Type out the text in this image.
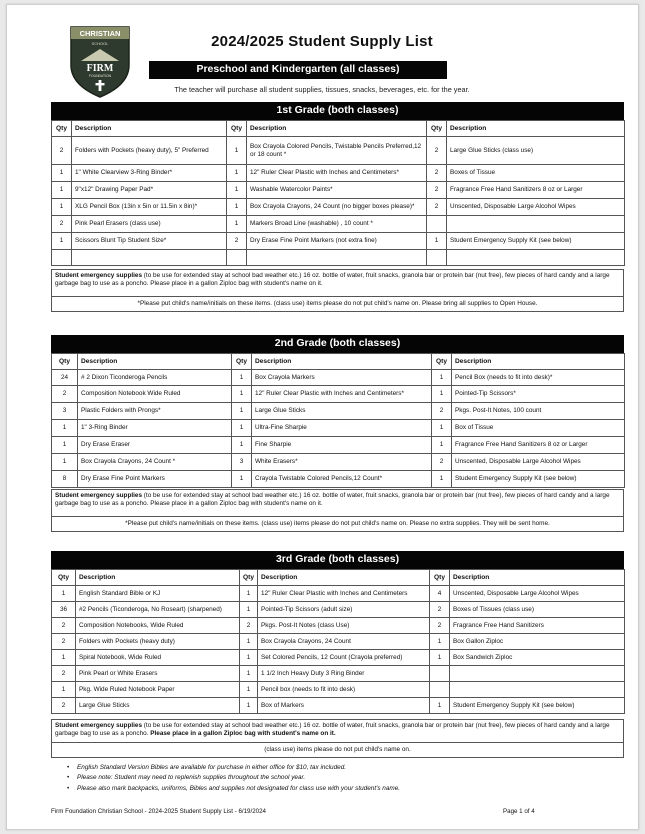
CHRISTIAN
SCHOOL
FIRM
FOUNDATION
2024/2025 Student Supply List
Preschool and Kindergarten (all classes)
The teacher will purchase all student supplies, tissues, snacks, beverages, etc. for the year.
1st Grade (both classes)
Qty	Description	Qty	Description	Qty	Description
2	Folders with Pockets (heavy duty), 5" Preferred	1	Box Crayola Colored Pencils, Twistable Pencils Preferred,12 or 18 count *	2	Large Glue Sticks (class use)
1	1" White Clearview 3-Ring Binder*	1	12" Ruler Clear Plastic with Inches and Centimeters*	2	Boxes of Tissue
1	9"x12" Drawing Paper Pad*	1	Washable Watercolor Paints*	2	Fragrance Free Hand Sanitizers 8 oz or Larger
1	XLG Pencil Box (13in x 5in or 11.5in x 8in)*	1	Box Crayola Crayons, 24 Count (no bigger boxes please)*	2	Unscented, Disposable Large Alcohol Wipes
2	Pink Pearl Erasers (class use)	1	Markers Broad Line (washable) , 10 count *		
1	Scissors Blunt Tip Student Size*	2	Dry Erase Fine Point Markers (not extra fine)	1	Student Emergency Supply Kit (see below)

Student emergency supplies (to be use for extended stay at school bad weather etc.) 16 oz. bottle of water, fruit snacks, granola bar or protein bar (nut free), few pieces of hard candy and a large garbage bag to use as a poncho. Please place in a gallon Ziploc bag with student's name on it.
*Please put child's name/initials on these items. (class use) items please do not put child's name on. Please bring all supplies to Open House.
2nd Grade (both classes)
Qty	Description	Qty	Description	Qty	Description
24	# 2 Dixon Ticonderoga Pencils	1	Box Crayola Markers	1	Pencil Box (needs to fit into desk)*
2	Composition Notebook Wide Ruled	1	12" Ruler Clear Plastic with Inches and Centimeters*	1	Pointed-Tip Scissors*
3	Plastic Folders with Prongs*	1	Large Glue Sticks	2	Pkgs. Post-It Notes, 100 count
1	1" 3-Ring Binder	1	Ultra-Fine Sharpie	1	Box of Tissue
1	Dry Erase Eraser	1	Fine Sharpie	1	Fragrance Free Hand Sanitizers 8 oz or Larger
1	Box Crayola Crayons, 24 Count *	3	White Erasers*	2	Unscented, Disposable Large Alcohol Wipes
8	Dry Erase Fine Point Markers	1	Crayola Twistable Colored Pencils,12 Count*	1	Student Emergency Supply Kit (see below)
Student emergency supplies (to be use for extended stay at school bad weather etc.) 16 oz. bottle of water, fruit snacks, granola bar or protein bar (nut free), few pieces of hard candy and a large garbage bag to use as a poncho. Please place in a gallon Ziploc bag with student's name on it.
*Please put child's name/initials on these items. (class use) items please do not put child's name on. Please no extra supplies. They will be sent home.
3rd Grade (both classes)
Qty	Description	Qty	Description	Qty	Description
1	English Standard Bible or KJ	1	12" Ruler Clear Plastic with Inches and Centimeters	4	Unscented, Disposable Large Alcohol Wipes
36	#2 Pencils (Ticonderoga, No Roseart) (sharpened)	1	Pointed-Tip Scissors (adult size)	2	Boxes of Tissues (class use)
2	Composition Notebooks, Wide Ruled	2	Pkgs. Post-It Notes (class Use)	2	Fragrance Free Hand Sanitizers
2	Folders with Pockets (heavy duty)	1	Box Crayola Crayons, 24 Count	1	Box Gallon Ziploc
1	Spiral Notebook, Wide Ruled	1	Set Colored Pencils, 12 Count (Crayola preferred)	1	Box Sandwich Ziploc
2	Pink Pearl or White Erasers	1	1 1/2 Inch Heavy Duty 3 Ring Binder		
1	Pkg. Wide Ruled Notebook Paper	1	Pencil box (needs to fit into desk)		
2	Large Glue Sticks	1	Box of Markers	1	Student Emergency Supply Kit (see below)
Student emergency supplies (to be use for extended stay at school bad weather etc.) 16 oz. bottle of water, fruit snacks, granola bar or protein bar (nut free), few pieces of hard candy and a large garbage bag to use as a poncho. Please place in a gallon Ziploc bag with student's name on it.
(class use) items please do not put child's name on.
• English Standard Version Bibles are available for purchase in either office for $10, tax included.
• Please note: Student may need to replenish supplies throughout the school year.
• Please also mark backpacks, uniforms, Bibles and supplies not designated for class use with your student's name.
Firm Foundation Christian School - 2024-2025 Student Supply List - 6/19/2024	Page 1 of 4
